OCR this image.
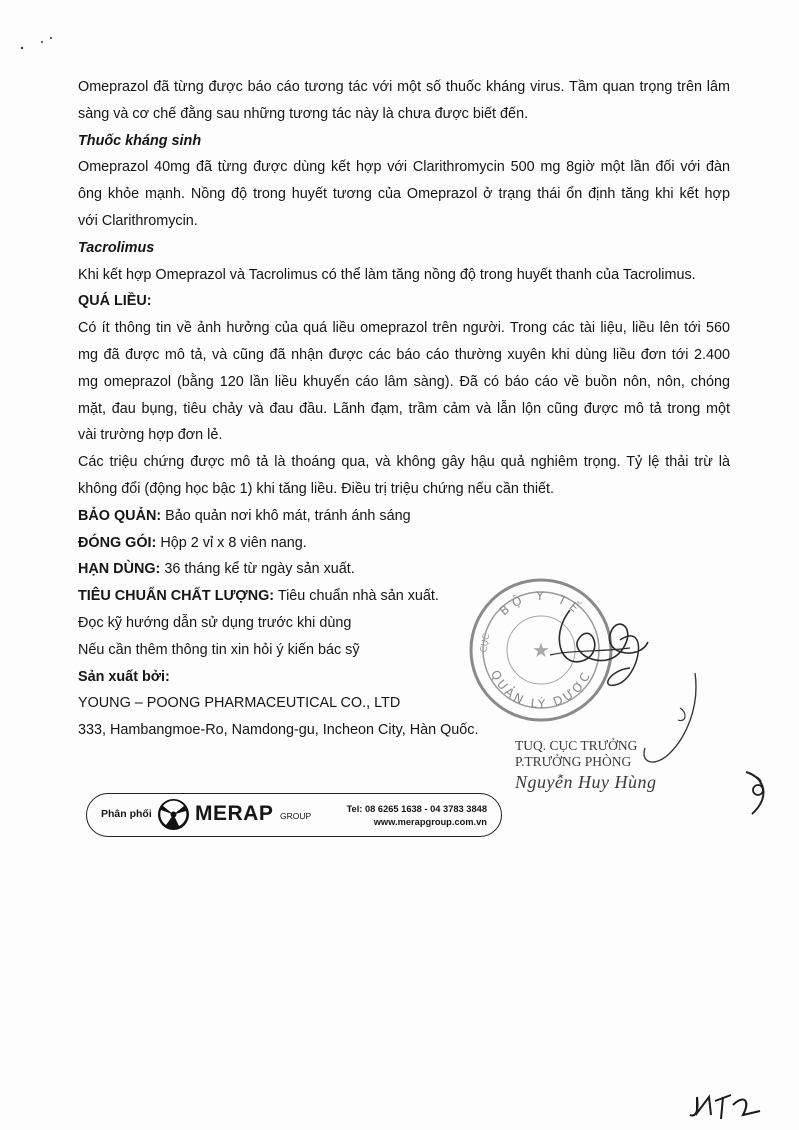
Omeprazol đã từng được báo cáo tương tác với một số thuốc kháng virus. Tầm quan trọng trên lâm

sàng và cơ chế đằng sau những tương tác này là chưa được biết đến.

Thuốc kháng sinh

Omeprazol 40mg đã từng được dùng kết hợp với Clarithromycin 500 mg 8giờ một lần đối với đàn

ông khỏe mạnh. Nồng độ trong huyết tương của Omeprazol ở trạng thái ổn định tăng khi kết hợp

với Clarithromycin.

Tacrolimus

Khi kết hợp Omeprazol và Tacrolimus có thể làm tăng nồng độ trong huyết thanh của Tacrolimus.

QUÁ LIỀU:

Có ít thông tin về ảnh hưởng của quá liều omeprazol trên người. Trong các tài liệu, liều lên tới 560

mg đã được mô tả, và cũng đã nhận được các báo cáo thường xuyên khi dùng liều đơn tới 2.400

mg omeprazol (bằng 120 lần liều khuyến cáo lâm sàng). Đã có báo cáo về buồn nôn, nôn, chóng

mặt, đau bụng, tiêu chảy và đau đầu. Lãnh đạm, trầm cảm và lẫn lộn cũng được mô tả trong một

vài trường hợp đơn lẻ.

Các triệu chứng được mô tả là thoáng qua, và không gây hậu quả nghiêm trọng. Tỷ lệ thải trừ là

không đổi (động học bậc 1) khi tăng liều. Điều trị triệu chứng nếu cần thiết.

BẢO QUẢN: Bảo quản nơi khô mát, tránh ánh sáng

ĐÓNG GÓI: Hộp 2 vỉ x 8 viên nang.

HẠN DÙNG: 36 tháng kể từ ngày sản xuất.

TIÊU CHUẨN CHẤT LƯỢNG: Tiêu chuẩn nhà sản xuất.

Đọc kỹ hướng dẫn sử dụng trước khi dùng

Nếu cần thêm thông tin xin hỏi ý kiến bác sỹ

Sản xuất bởi:

YOUNG – POONG PHARMACEUTICAL CO., LTD

333, Hambangmoe-Ro, Namdong-gu, Incheon City, Hàn Quốc.

BỘ Y TẾ
QUẢN LÝ DƯỢC
CỤC ★
TUQ. CỤC TRƯỞNG
P.TRƯỞNG PHÒNG
Nguyễn Huy Hùng
Phân phối MERAP GROUP
Tel: 08 6265 1638 - 04 3783 3848
www.merapgroup.com.vn
